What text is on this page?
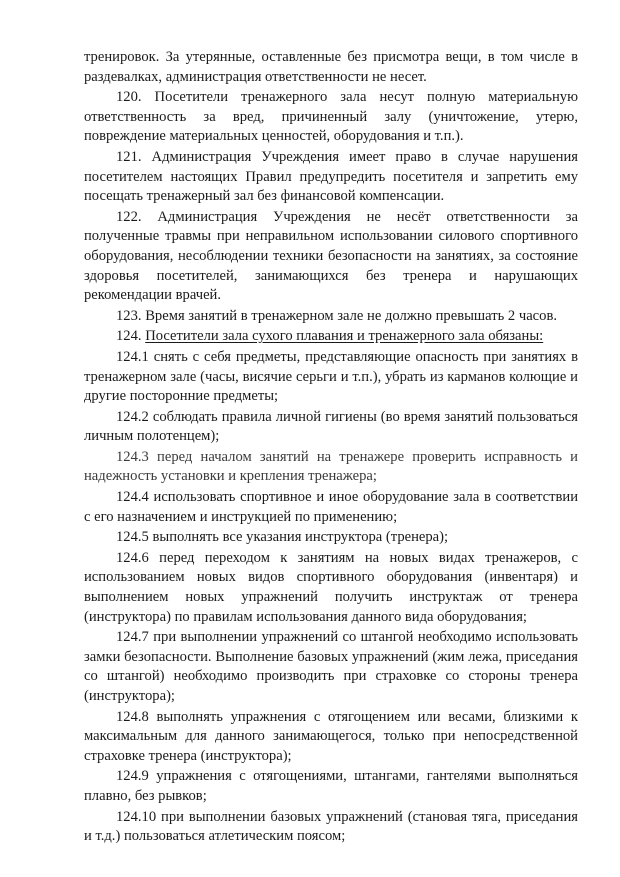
тренировок. За утерянные, оставленные без присмотра вещи, в том числе в раздевалках, администрация ответственности не несет.

120. Посетители тренажерного зала несут полную материальную ответственность за вред, причиненный залу (уничтожение, утерю, повреждение материальных ценностей, оборудования и т.п.).

121. Администрация Учреждения имеет право в случае нарушения посетителем настоящих Правил предупредить посетителя и запретить ему посещать тренажерный зал без финансовой компенсации.

122. Администрация Учреждения не несёт ответственности за полученные травмы при неправильном использовании силового спортивного оборудования, несоблюдении техники безопасности на занятиях, за состояние здоровья посетителей, занимающихся без тренера и нарушающих рекомендации врачей.

123. Время занятий в тренажерном зале не должно превышать 2 часов.

124. Посетители зала сухого плавания и тренажерного зала обязаны:

124.1 снять с себя предметы, представляющие опасность при занятиях в тренажерном зале (часы, висячие серьги и т.п.), убрать из карманов колющие и другие посторонние предметы;

124.2 соблюдать правила личной гигиены (во время занятий пользоваться личным полотенцем);

124.3 перед началом занятий на тренажере проверить исправность и надежность установки и крепления тренажера;

124.4 использовать спортивное и иное оборудование зала в соответствии с его назначением и инструкцией по применению;

124.5 выполнять все указания инструктора (тренера);

124.6 перед переходом к занятиям на новых видах тренажеров, с использованием новых видов спортивного оборудования (инвентаря) и выполнением новых упражнений получить инструктаж от тренера (инструктора) по правилам использования данного вида оборудования;

124.7 при выполнении упражнений со штангой необходимо использовать замки безопасности. Выполнение базовых упражнений (жим лежа, приседания со штангой) необходимо производить при страховке со стороны тренера (инструктора);

124.8 выполнять упражнения с отягощением или весами, близкими к максимальным для данного занимающегося, только при непосредственной страховке тренера (инструктора);

124.9 упражнения с отягощениями, штангами, гантелями выполняться плавно, без рывков;

124.10 при выполнении базовых упражнений (становая тяга, приседания и т.д.) пользоваться атлетическим поясом;
